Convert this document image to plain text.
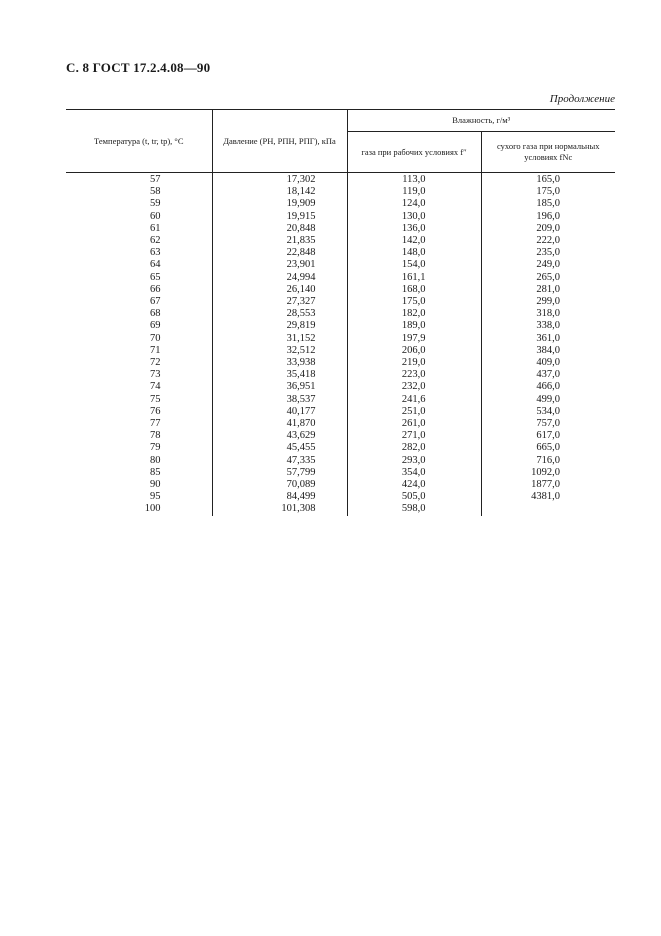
С. 8 ГОСТ 17.2.4.08—90
Продолжение
Температура (t, tг, tр), °С	Давление (PН, PПН, PПГ), кПа	Влажность, г/м³	
		газа при рабочих условиях f″	сухого газа при нормальных условиях fNс
57	17,302	113,0	165,0
58	18,142	119,0	175,0
59	19,909	124,0	185,0
60	19,915	130,0	196,0
61	20,848	136,0	209,0
62	21,835	142,0	222,0
63	22,848	148,0	235,0
64	23,901	154,0	249,0
65	24,994	161,1	265,0
66	26,140	168,0	281,0
67	27,327	175,0	299,0
68	28,553	182,0	318,0
69	29,819	189,0	338,0
70	31,152	197,9	361,0
71	32,512	206,0	384,0
72	33,938	219,0	409,0
73	35,418	223,0	437,0
74	36,951	232,0	466,0
75	38,537	241,6	499,0
76	40,177	251,0	534,0
77	41,870	261,0	757,0
78	43,629	271,0	617,0
79	45,455	282,0	665,0
80	47,335	293,0	716,0
85	57,799	354,0	1092,0
90	70,089	424,0	1877,0
95	84,499	505,0	4381,0
100	101,308	598,0	
